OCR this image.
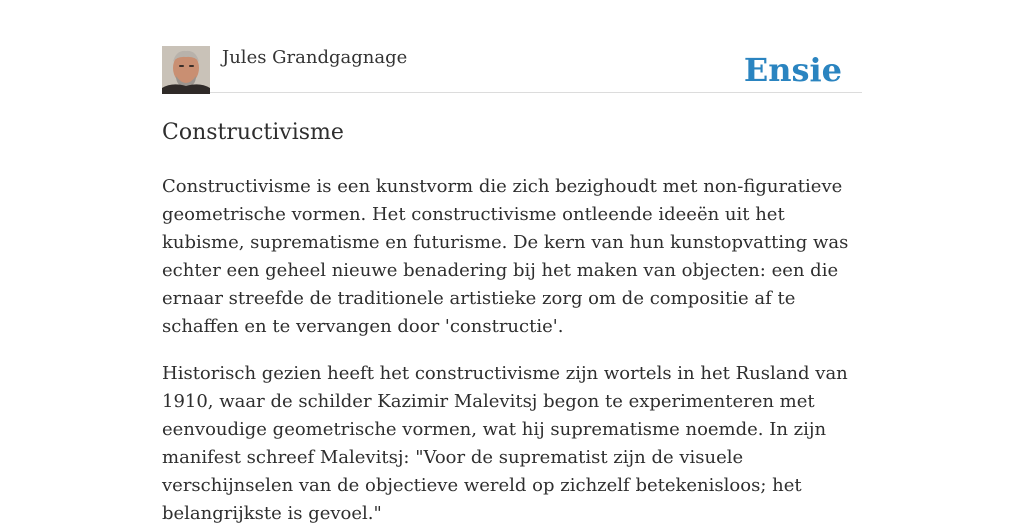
Jules Grandgagnage	Ensie
Constructivisme

Constructivisme is een kunstvorm die zich bezighoudt met non-figuratieve geometrische vormen. Het constructivisme ontleende ideeën uit het kubisme, suprematisme en futurisme. De kern van hun kunstopvatting was echter een geheel nieuwe benadering bij het maken van objecten: een die ernaar streefde de traditionele artistieke zorg om de compositie af te schaffen en te vervangen door 'constructie'.

Historisch gezien heeft het constructivisme zijn wortels in het Rusland van 1910, waar de schilder Kazimir Malevitsj begon te experimenteren met eenvoudige geometrische vormen, wat hij suprematisme noemde. In zijn manifest schreef Malevitsj: "Voor de suprematist zijn de visuele verschijnselen van de objectieve wereld op zichzelf betekenisloos; het belangrijkste is gevoel."
